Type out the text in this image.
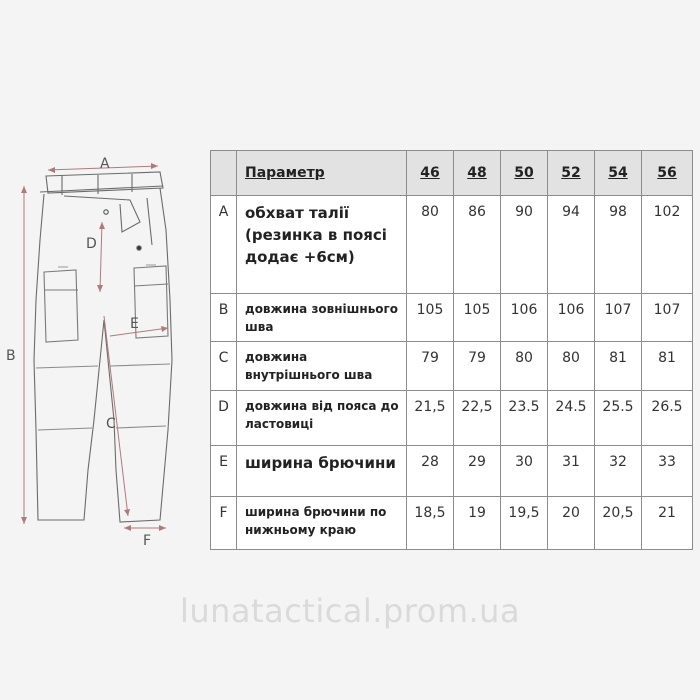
A
B
D
E
C
F
	Параметр	46	48	50	52	54	56
A	обхват талії (резинка в поясі додає +6см)	80	86	90	94	98	102
B	довжина зовнішнього шва	105	105	106	106	107	107
C	довжина внутрішнього шва	79	79	80	80	81	81
D	довжина від пояса до ластовиці	21,5	22,5	23.5	24.5	25.5	26.5
E	ширина брючини	28	29	30	31	32	33
F	ширина брючини по нижньому краю	18,5	19	19,5	20	20,5	21
lunatactical.prom.ua
